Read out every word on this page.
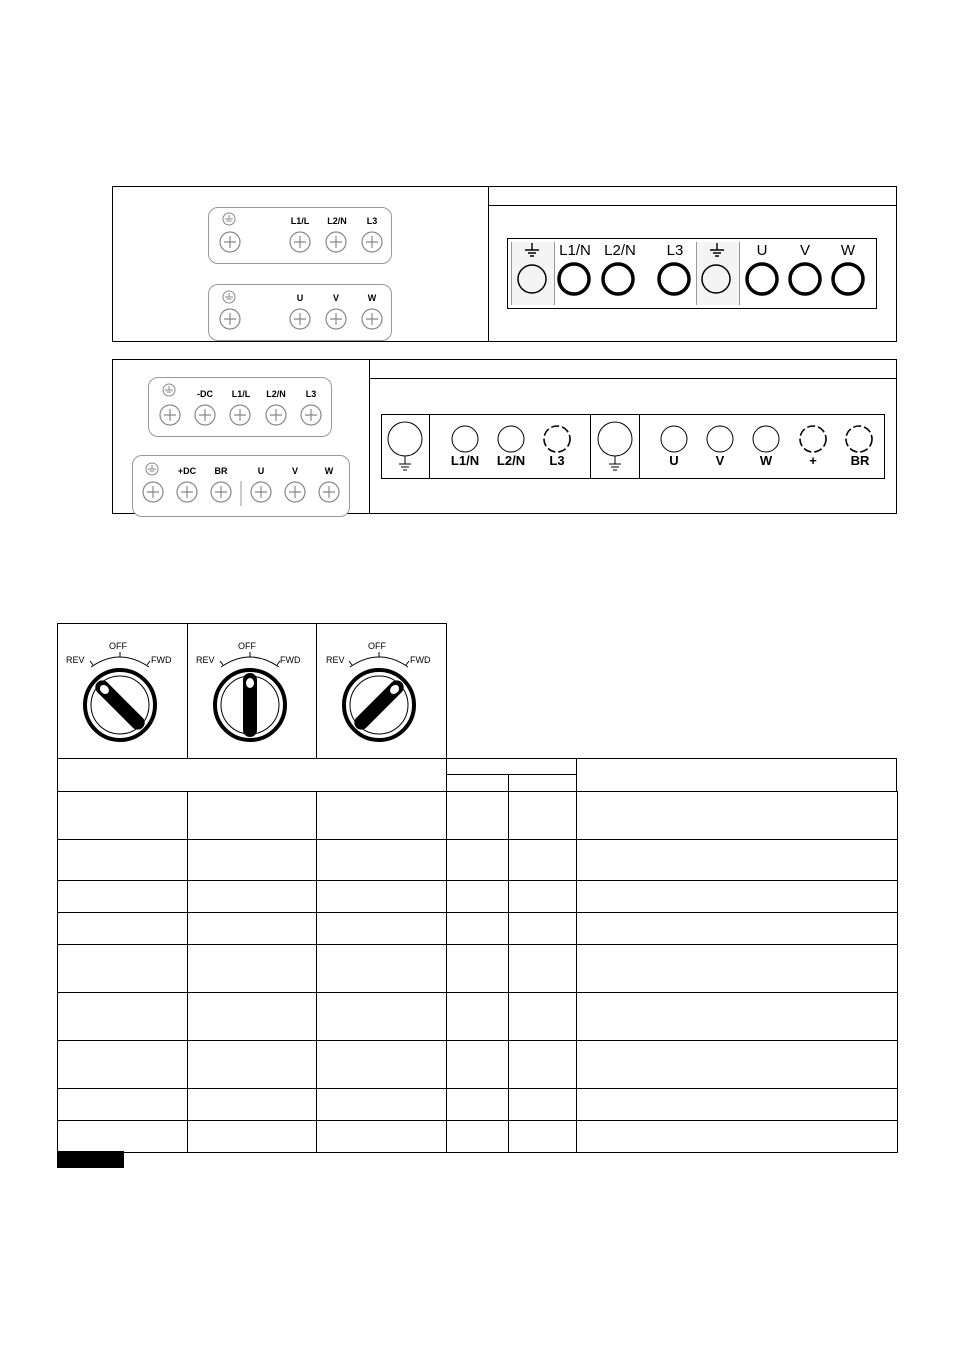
L1/L	L2/N	L3
U	V	W
L1/N L2/N	L3	U	V	W
-DC	L1/L	L2/N	L3
+DC	BR	U	V	W
L1/N	L2/N	L3	U	V	W	+	BR
REV
OFF
FWD	REV
OFF
FWD	REV
OFF
FWD
